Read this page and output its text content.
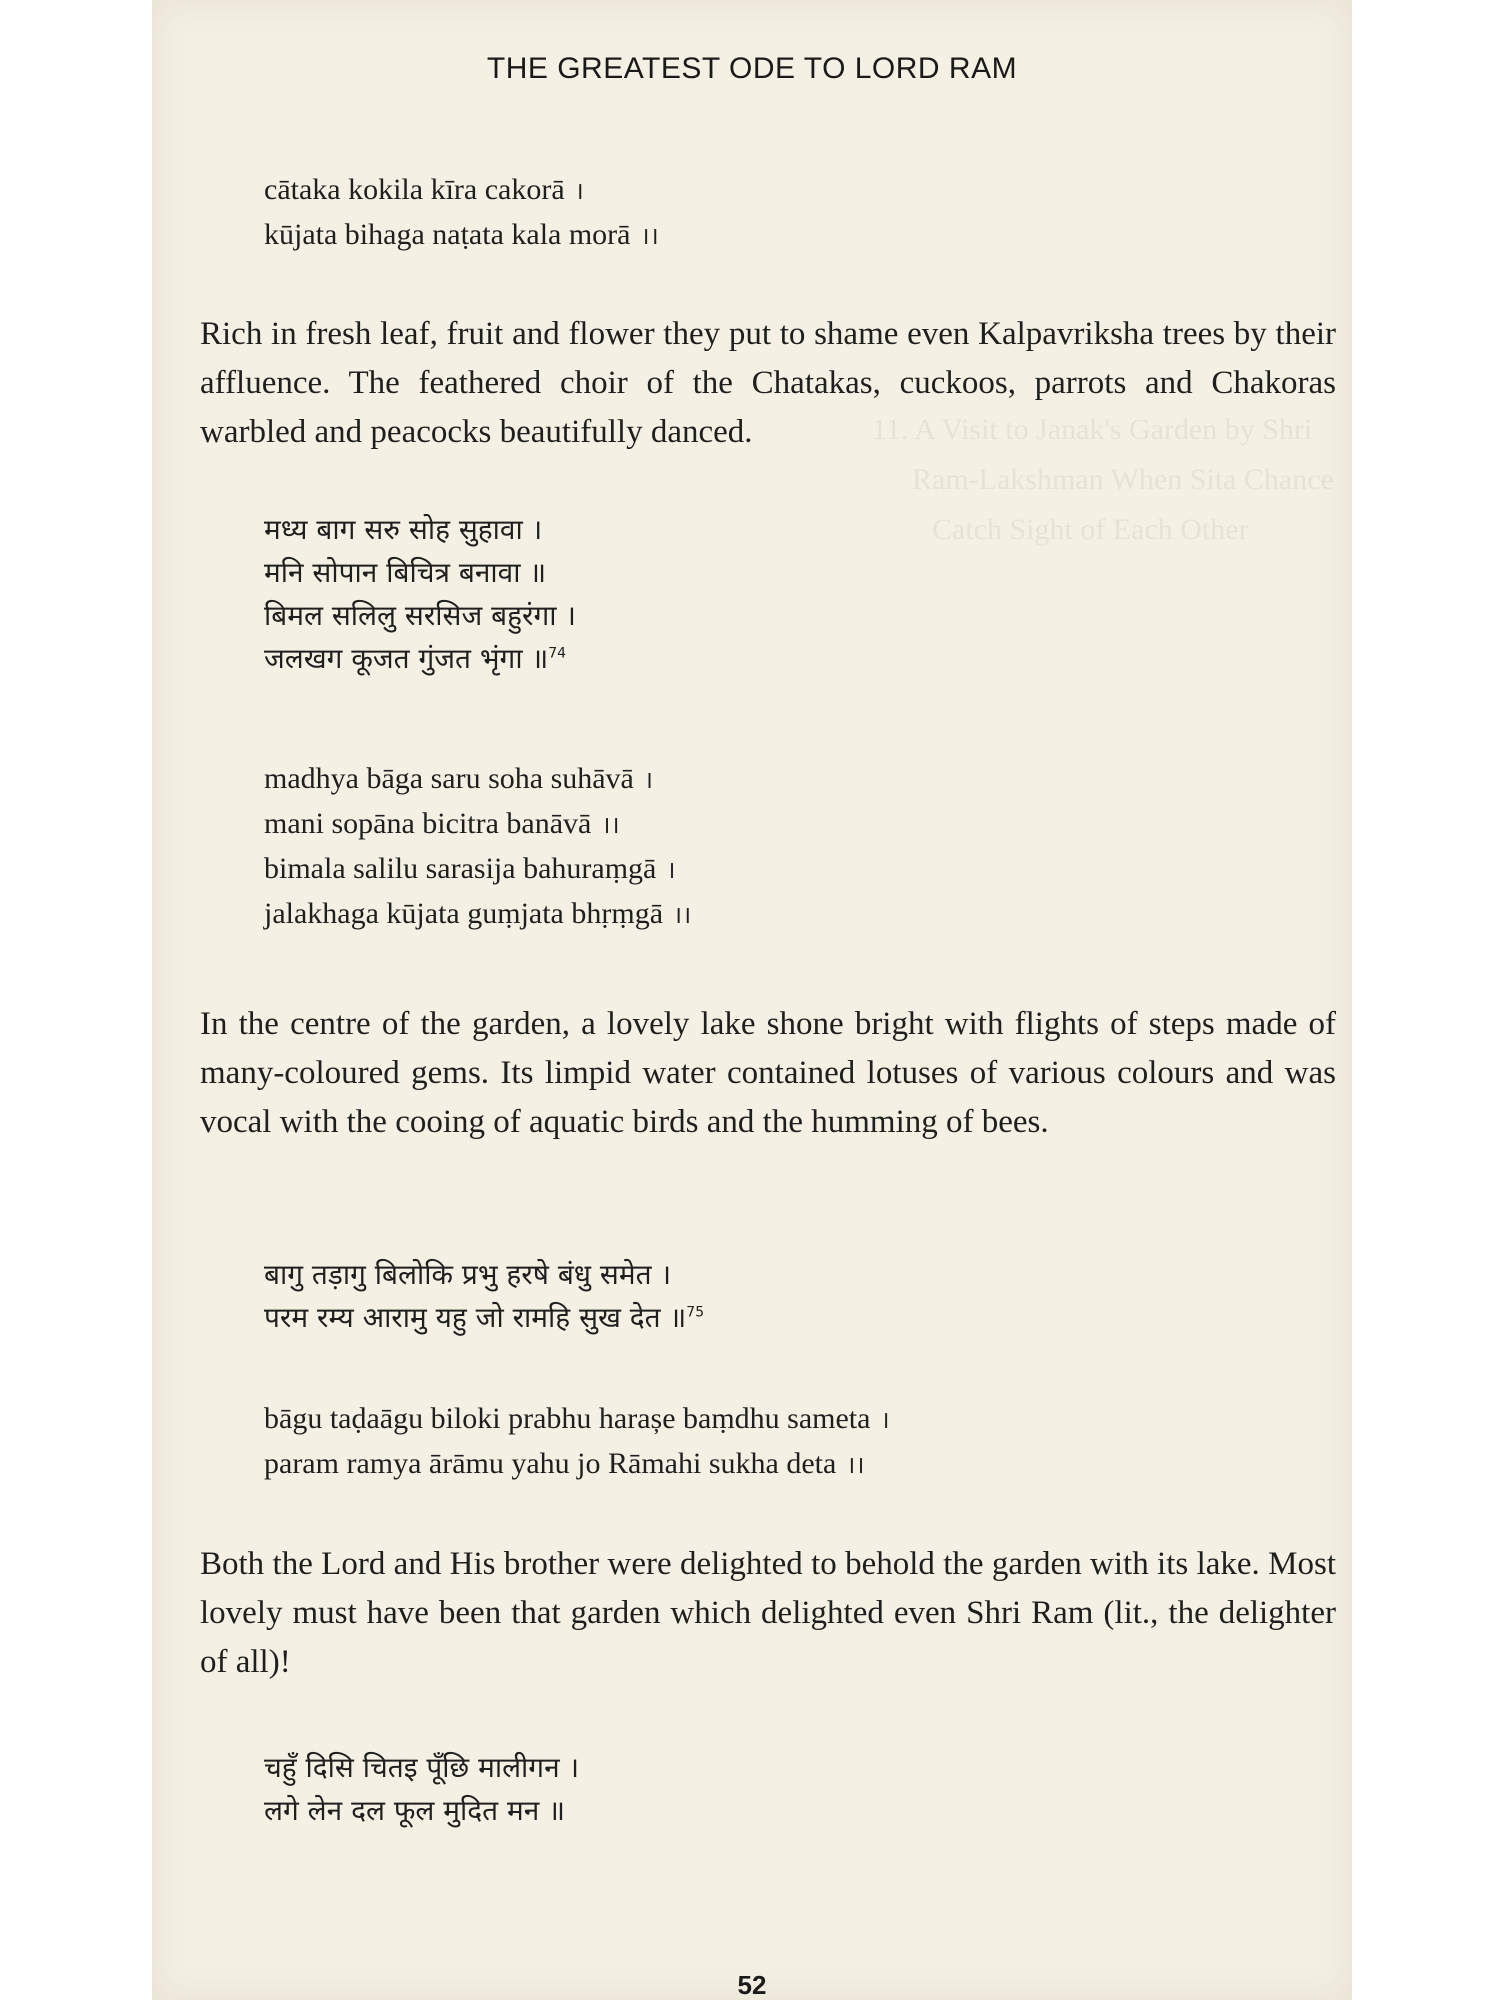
11. A Visit to Janak's Garden by Shri
Ram-Lakshman When Sita Chance
Catch Sight of Each Other
THE GREATEST ODE TO LORD RAM
cātaka kokila kīra cakorā ।
kūjata bihaga naṭata kala morā ।।
Rich in fresh leaf, fruit and flower they put to shame even Kalpavriksha trees by their affluence. The feathered choir of the Chatakas, cuckoos, parrots and Chakoras warbled and peacocks beautifully danced.
मध्य बाग सरु सोह सुहावा ।
मनि सोपान बिचित्र बनावा ॥
बिमल सलिलु सरसिज बहुरंगा ।
जलखग कूजत गुंजत भृंगा ॥$^{74}$
madhya bāga saru soha suhāvā ।
mani sopāna bicitra banāvā ।।
bimala salilu sarasija bahuraṃgā ।
jalakhaga kūjata guṃjata bhṛṃgā ।।
In the centre of the garden, a lovely lake shone bright with flights of steps made of many-coloured gems. Its limpid water contained lotuses of various colours and was vocal with the cooing of aquatic birds and the humming of bees.
बागु तड़ागु बिलोकि प्रभु हरषे बंधु समेत ।
परम रम्य आरामु यहु जो रामहि सुख देत ॥$^{75}$
bāgu taḍaāgu biloki prabhu harașe baṃdhu sameta ।
param ramya ārāmu yahu jo Rāmahi sukha deta ।।
Both the Lord and His brother were delighted to behold the garden with its lake. Most lovely must have been that garden which delighted even Shri Ram (lit., the delighter of all)!
चहुँ दिसि चितइ पूँछि मालीगन ।
लगे लेन दल फूल मुदित मन ॥
52
